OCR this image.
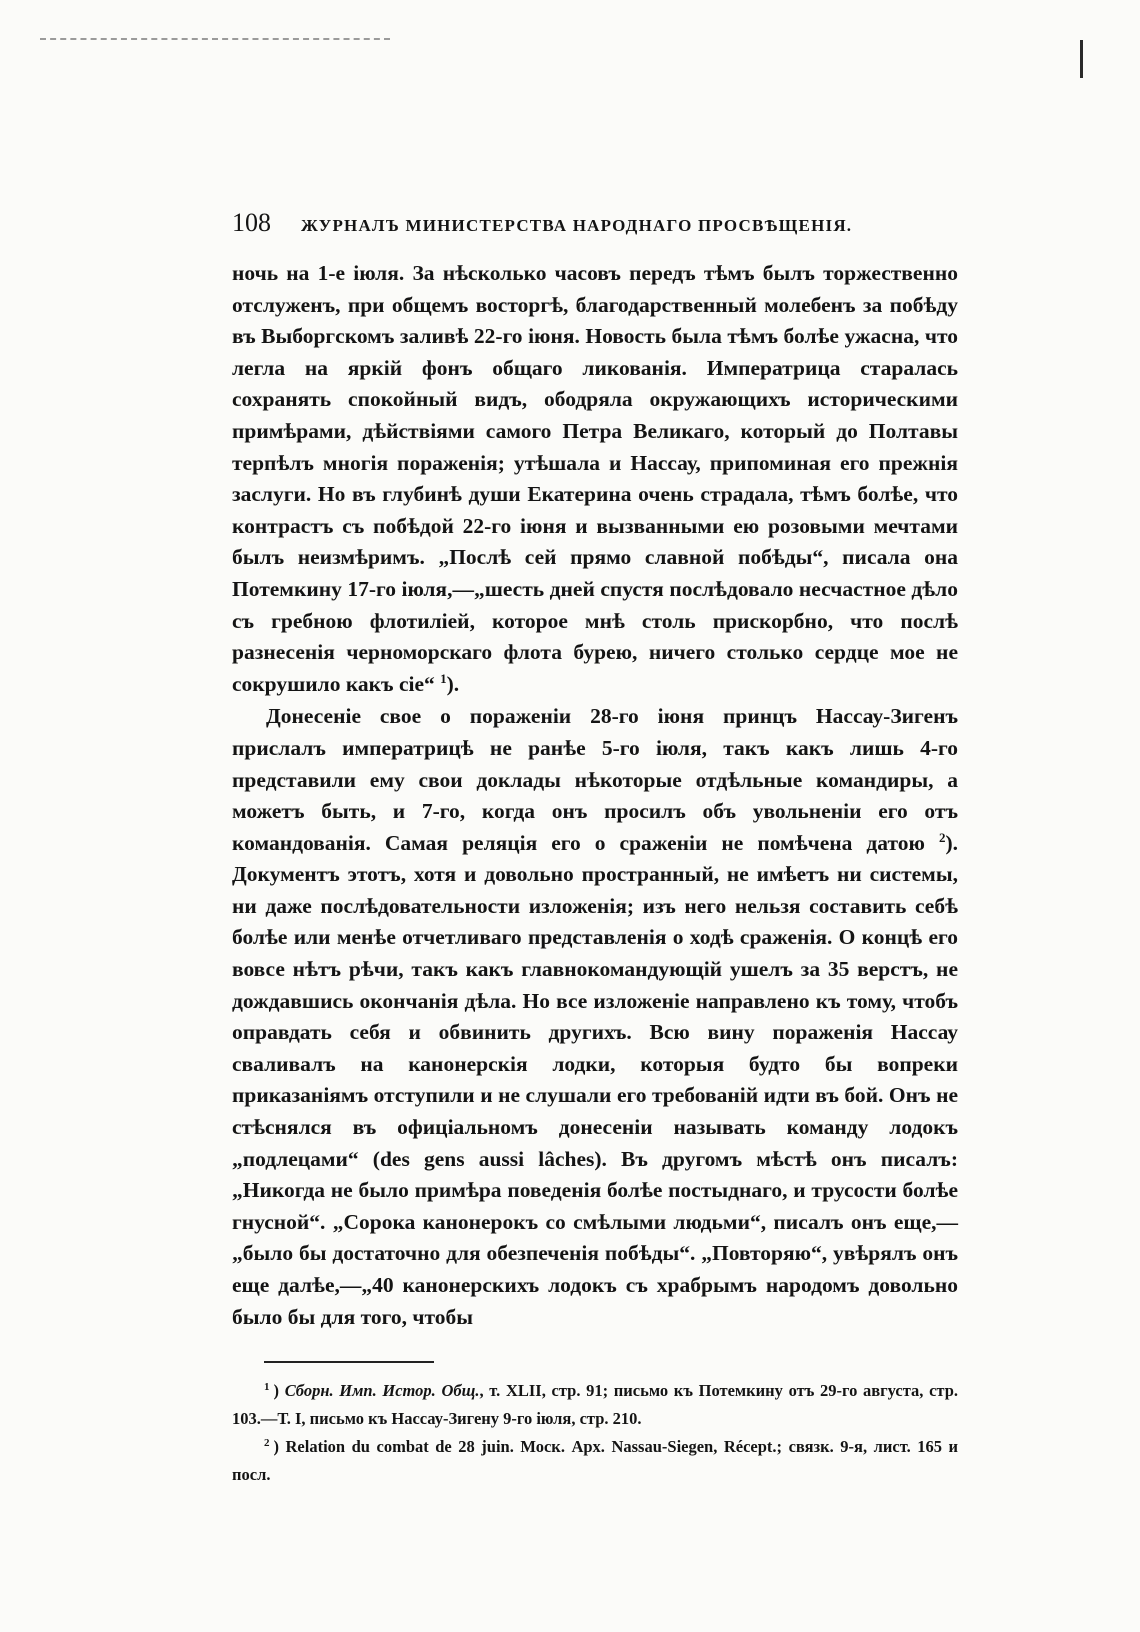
108 ЖУРНАЛЪ МИНИСТЕРСТВА НАРОДНАГО ПРОСВѢЩЕНІЯ.

ночь на 1-е іюля. За нѣсколько часовъ передъ тѣмъ былъ торжественно отслуженъ, при общемъ восторгѣ, благодарственный молебенъ за побѣду въ Выборгскомъ заливѣ 22-го іюня. Новость была тѣмъ болѣе ужасна, что легла на яркій фонъ общаго ликованія. Императрица старалась сохранять спокойный видъ, ободряла окружающихъ историческими примѣрами, дѣйствіями самого Петра Великаго, который до Полтавы терпѣлъ многія пораженія; утѣшала и Нассау, припоминая его прежнія заслуги. Но въ глубинѣ души Екатерина очень страдала, тѣмъ болѣе, что контрастъ съ побѣдой 22-го іюня и вызванными ею розовыми мечтами былъ неизмѣримъ. „Послѣ сей прямо славной побѣды“, писала она Потемкину 17-го іюля,—„шесть дней спустя послѣдовало несчастное дѣло съ гребною флотиліей, которое мнѣ столь прискорбно, что послѣ разнесенія черноморскаго флота бурею, ничего столько сердце мое не сокрушило какъ сіе“ $^1$).

Донесеніе свое о пораженіи 28-го іюня принцъ Нассау-Зигенъ прислалъ императрицѣ не ранѣе 5-го іюля, такъ какъ лишь 4-го представили ему свои доклады нѣкоторые отдѣльные командиры, а можетъ быть, и 7-го, когда онъ просилъ объ увольненіи его отъ командованія. Самая реляція его о сраженіи не помѣчена датою $^2$). Документъ этотъ, хотя и довольно пространный, не имѣетъ ни системы, ни даже послѣдовательности изложенія; изъ него нельзя составить себѣ болѣе или менѣе отчетливаго представленія о ходѣ сраженія. О концѣ его вовсе нѣтъ рѣчи, такъ какъ главнокомандующій ушелъ за 35 верстъ, не дождавшись окончанія дѣла. Но все изложеніе направлено къ тому, чтобъ оправдать себя и обвинить другихъ. Всю вину пораженія Нассау сваливалъ на канонерскія лодки, которыя будто бы вопреки приказаніямъ отступили и не слушали его требованій идти въ бой. Онъ не стѣснялся въ офиціальномъ донесеніи называть команду лодокъ „подлецами“ (des gens aussi lâches). Въ другомъ мѣстѣ онъ писалъ: „Никогда не было примѣра поведенія болѣе постыднаго, и трусости болѣе гнусной“. „Сорока канонерокъ со смѣлыми людьми“, писалъ онъ еще,—„было бы достаточно для обезпеченія побѣды“. „Повторяю“, увѣрялъ онъ еще далѣе,—„40 канонерскихъ лодокъ съ храбрымъ народомъ довольно было бы для того, чтобы

$^1$ ) Сборн. Имп. Истор. Общ., т. XLII, стр. 91; письмо къ Потемкину отъ 29-го августа, стр. 103.—Т. I, письмо къ Нассау-Зигену 9-го іюля, стр. 210.

$^2$ ) Relation du combat de 28 juin. Моск. Арх. Nassau-Siegen, Récept.; связк. 9-я, лист. 165 и посл.
